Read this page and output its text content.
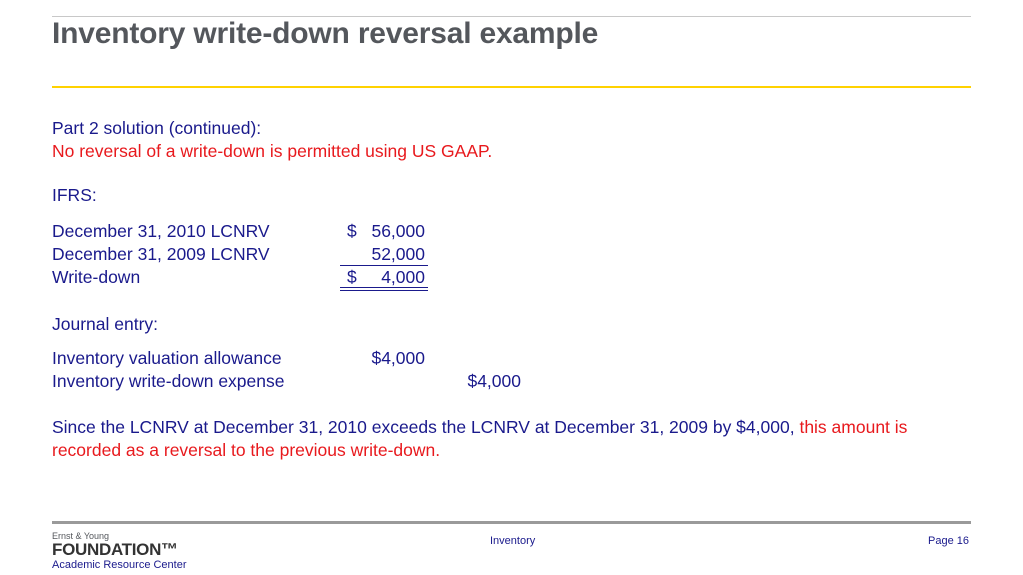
Inventory write-down reversal example
Part 2 solution (continued):
No reversal of a write-down is permitted using US GAAP.
IFRS:
December 31, 2010 LCNRV	$ 56,000
December 31, 2009 LCNRV	52,000
Write-down	$	4,000
Journal entry:
Inventory valuation allowance	$4,000
Inventory write-down expense	$4,000
Since the LCNRV at December 31, 2010 exceeds the LCNRV at December 31, 2009 by $4,000, this amount is
recorded as a reversal to the previous write-down.
Ernst & Young
FOUNDATION™
Academic Resource Center
Inventory	Page 16
